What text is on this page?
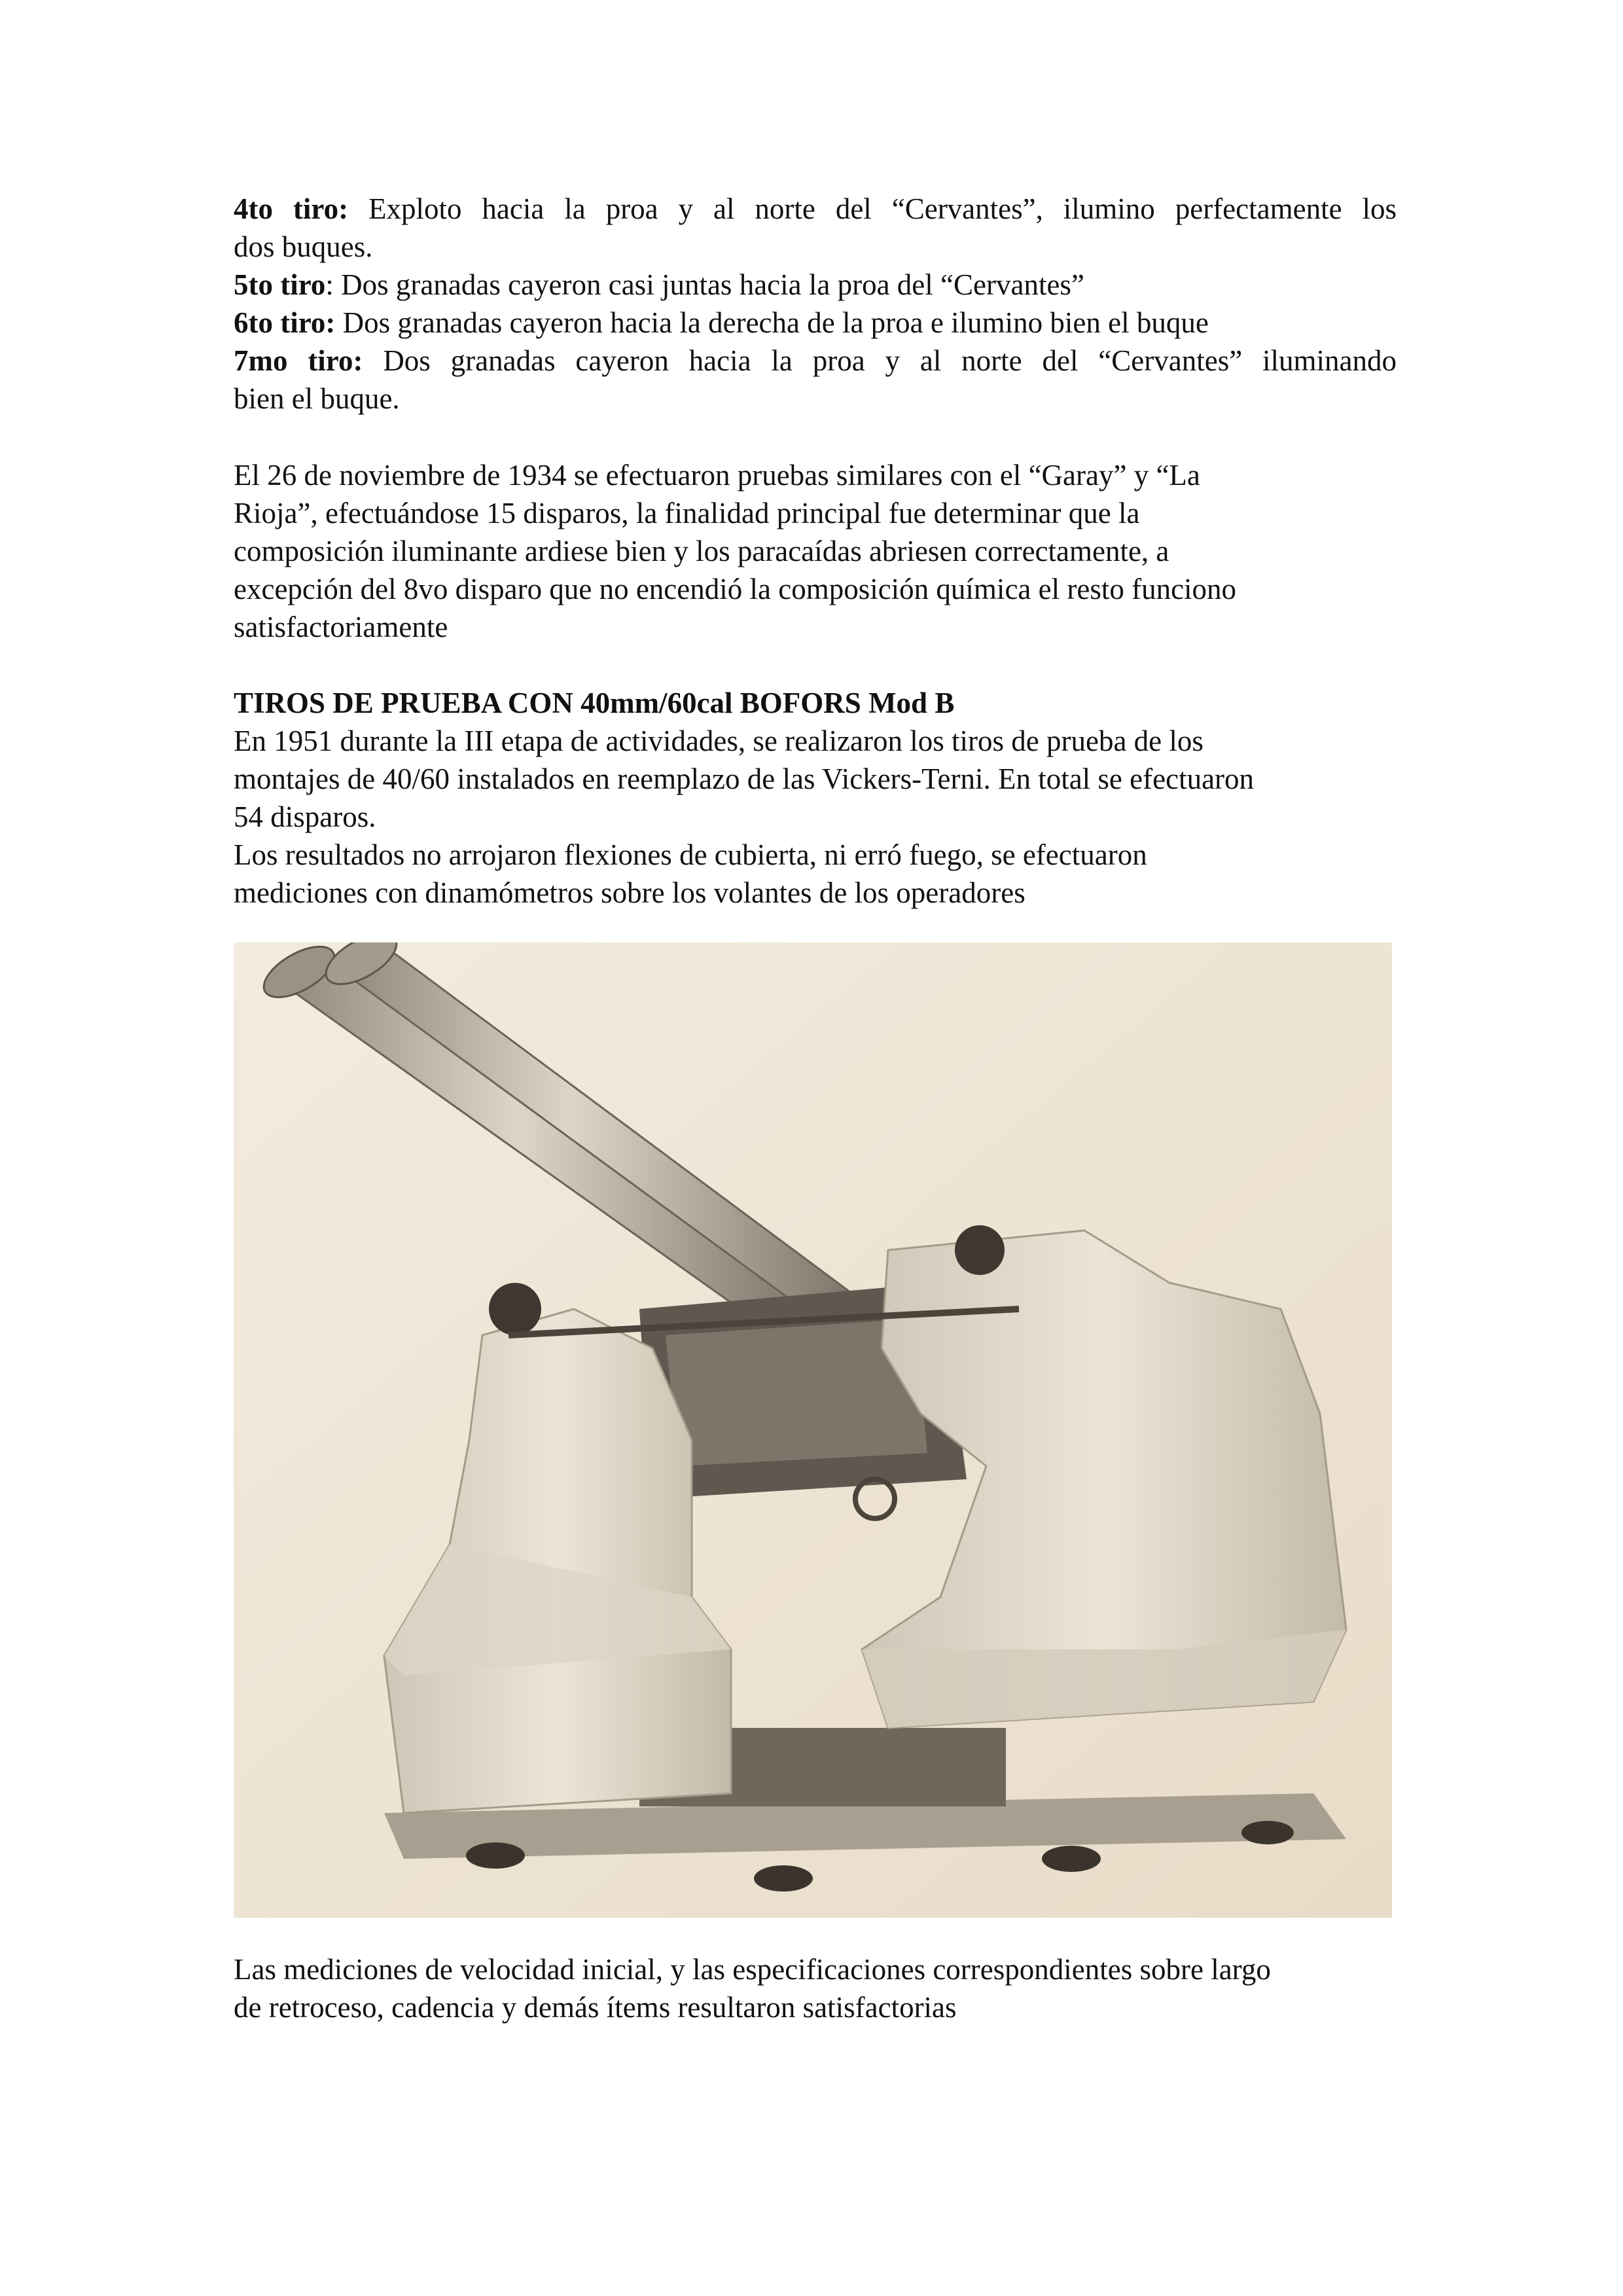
4to tiro: Exploto hacia la proa y al norte del “Cervantes”, ilumino perfectamente los
dos buques.
5to tiro: Dos granadas cayeron casi juntas hacia la proa del “Cervantes”
6to tiro: Dos granadas cayeron hacia la derecha de la proa e ilumino bien el buque
7mo tiro: Dos granadas cayeron hacia la proa y al norte del “Cervantes” iluminando
bien el buque.
El 26 de noviembre de 1934 se efectuaron pruebas similares con el “Garay” y “La
Rioja”, efectuándose 15 disparos, la finalidad principal fue determinar que la
composición iluminante ardiese bien y los paracaídas abriesen correctamente, a
excepción del 8vo disparo que no encendió la composición química el resto funciono
satisfactoriamente
TIROS DE PRUEBA CON 40mm/60cal BOFORS Mod B
En 1951 durante la III etapa de actividades, se realizaron los tiros de prueba de los
montajes de 40/60 instalados en reemplazo de las Vickers-Terni. En total se efectuaron
54 disparos.
Los resultados no arrojaron flexiones de cubierta, ni erró fuego, se efectuaron
mediciones con dinamómetros sobre los volantes de los operadores
Las mediciones de velocidad inicial, y las especificaciones correspondientes sobre largo
de retroceso, cadencia y demás ítems resultaron satisfactorias
